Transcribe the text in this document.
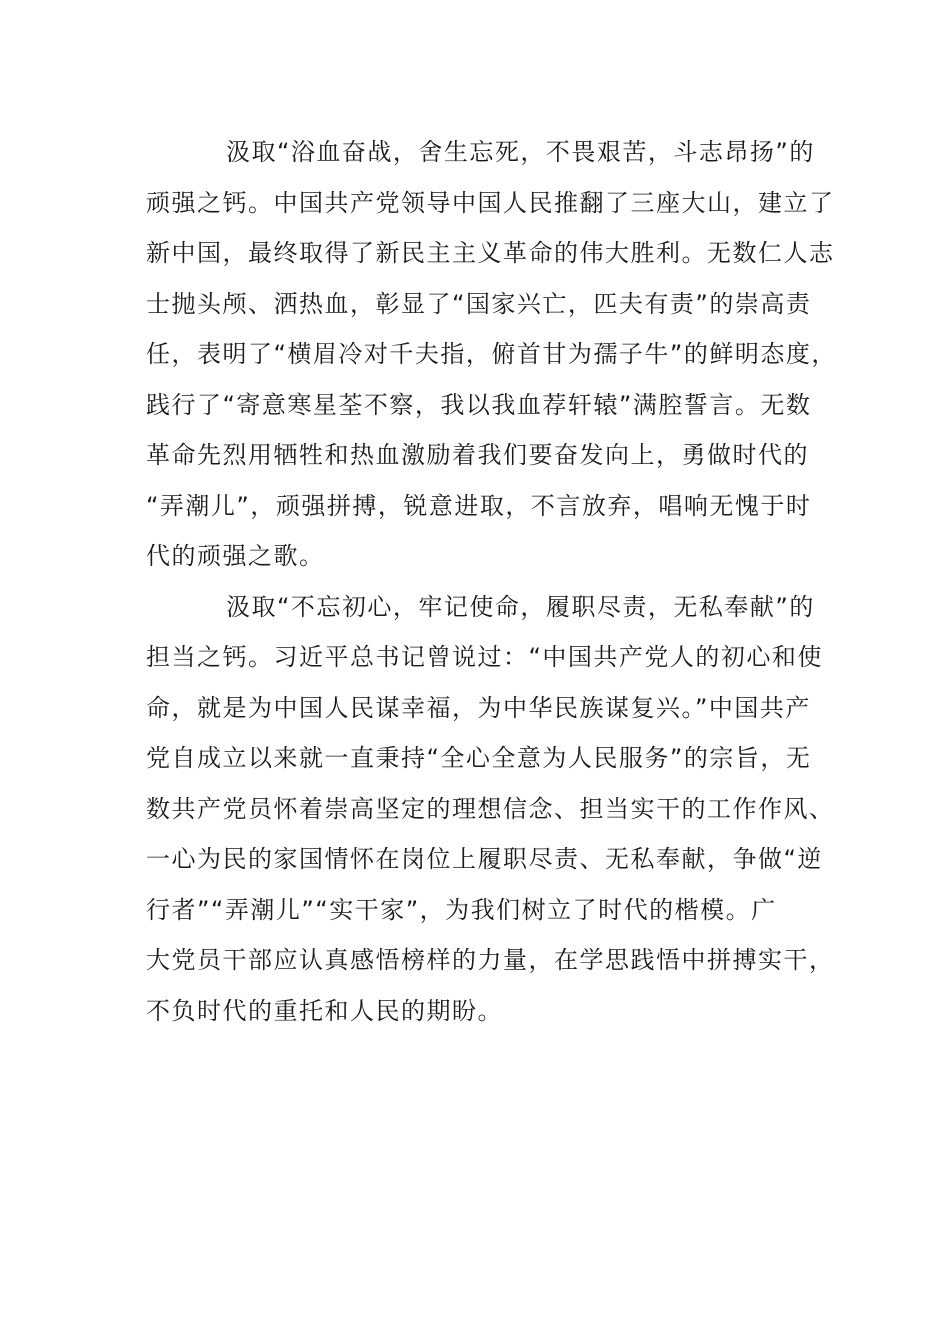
汲取“浴血奋战，舍生忘死，不畏艰苦，斗志昂扬”的
顽强之钙。中国共产党领导中国人民推翻了三座大山，建立了
新中国，最终取得了新民主主义革命的伟大胜利。无数仁人志
士抛头颅、洒热血，彰显了“国家兴亡，匹夫有责”的崇高责
任，表明了“横眉冷对千夫指，俯首甘为孺子牛”的鲜明态度，
践行了“寄意寒星荃不察，我以我血荐轩辕”满腔誓言。无数
革命先烈用牺牲和热血激励着我们要奋发向上，勇做时代的
“弄潮儿”，顽强拼搏，锐意进取，不言放弃，唱响无愧于时
代的顽强之歌。

汲取“不忘初心，牢记使命，履职尽责，无私奉献”的
担当之钙。习近平总书记曾说过：“中国共产党人的初心和使
命，就是为中国人民谋幸福，为中华民族谋复兴。”中国共产
党自成立以来就一直秉持“全心全意为人民服务”的宗旨，无
数共产党员怀着崇高坚定的理想信念、担当实干的工作作风、
一心为民的家国情怀在岗位上履职尽责、无私奉献，争做“逆
行者”“弄潮儿”“实干家”，为我们树立了时代的楷模。广
大党员干部应认真感悟榜样的力量，在学思践悟中拼搏实干，
不负时代的重托和人民的期盼。
